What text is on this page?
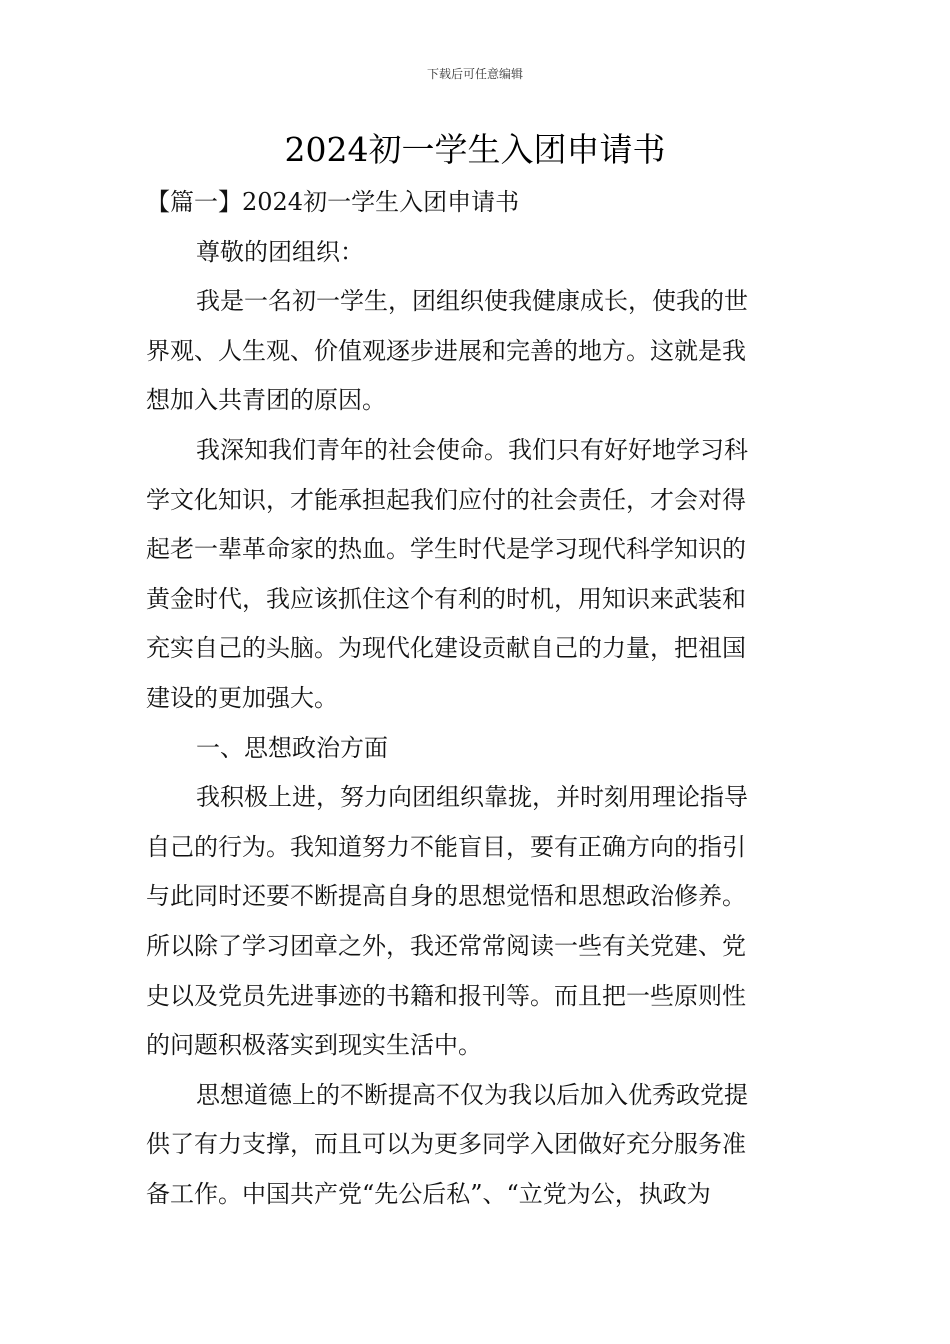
下载后可任意编辑
2024初一学生入团申请书
【篇一】2024初一学生入团申请书
尊敬的团组织：
我是一名初一学生，团组织使我健康成长，使我的世
界观、人生观、价值观逐步进展和完善的地方。这就是我
想加入共青团的原因。
我深知我们青年的社会使命。我们只有好好地学习科
学文化知识，才能承担起我们应付的社会责任，才会对得
起老一辈革命家的热血。学生时代是学习现代科学知识的
黄金时代，我应该抓住这个有利的时机，用知识来武装和
充实自己的头脑。为现代化建设贡献自己的力量，把祖国
建设的更加强大。
一、思想政治方面
我积极上进，努力向团组织靠拢，并时刻用理论指导
自己的行为。我知道努力不能盲目，要有正确方向的指引
与此同时还要不断提高自身的思想觉悟和思想政治修养。
所以除了学习团章之外，我还常常阅读一些有关党建、党
史以及党员先进事迹的书籍和报刊等。而且把一些原则性
的问题积极落实到现实生活中。
思想道德上的不断提高不仅为我以后加入优秀政党提
供了有力支撑，而且可以为更多同学入团做好充分服务准
备工作。中国共产党“先公后私”、“立党为公，执政为
